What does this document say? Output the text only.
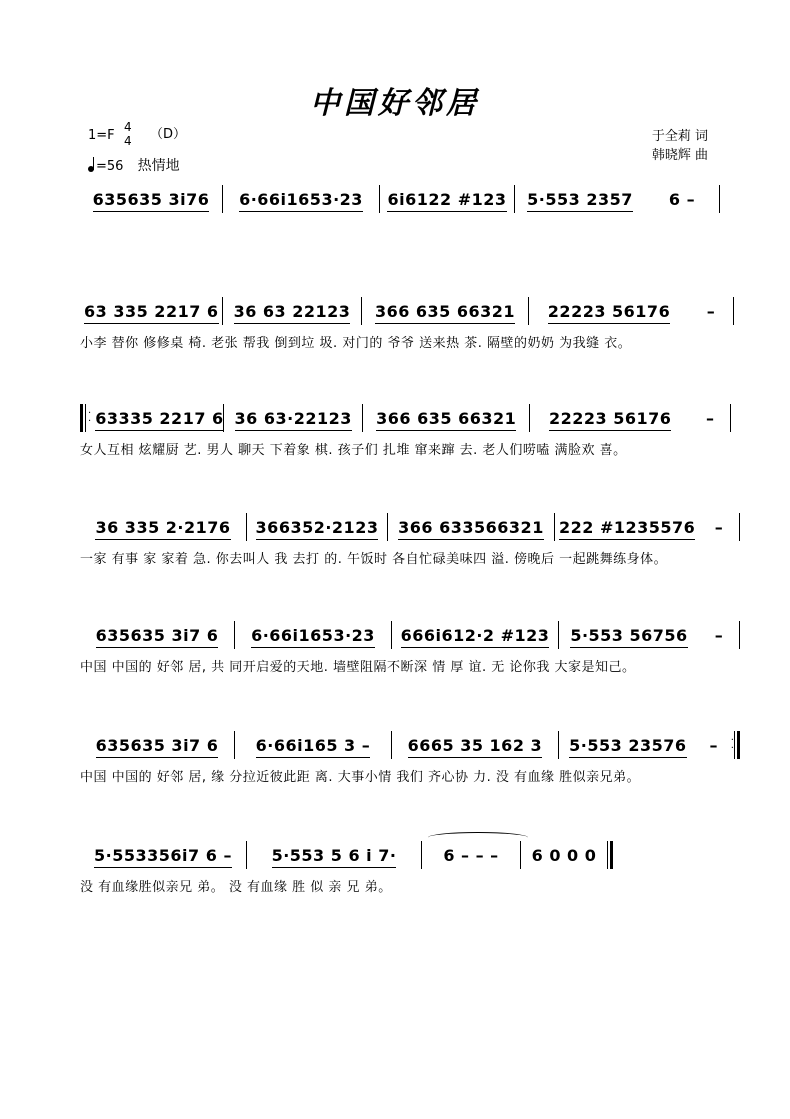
中国好邻居
1=F
4
4 （D）
=56 热情地
于全莉 词
韩晓辉 曲
635635 3i76 6·66i1653·23 6i6122 #123 5·553 2357 6 –
63 335 2217 6 36 63 22123 366 635 66321 22223 56176 –
小李 替你 修修桌 椅. 老张 帮我 倒到垃 圾. 对门的 爷爷 送来热 茶. 隔壁的奶奶 为我缝 衣。
·
· 63335 2217 6 36 63·22123 366 635 66321 22223 56176 –
女人互相 炫耀厨 艺. 男人 聊天 下着象 棋. 孩子们 扎堆 窜来蹿 去. 老人们唠嗑 满脸欢 喜。
36 335 2·2176 366352·2123 366 633566321 222 #1235576 –
一家 有事 家 家着 急. 你去叫人 我 去打 的. 午饭时 各自忙碌美味四 溢. 傍晚后 一起跳舞练身体。
635635 3i7 6 6·66i1653·23 666i612·2 #123 5·553 56756 –
中国 中国的 好邻 居, 共 同开启爱的天地. 墙壁阻隔不断深 情 厚 谊. 无 论你我 大家是知己。
635635 3i7 6 6·66i165 3 – 6665 35 162 3 5·553 23576 – ·
·
中国 中国的 好邻 居, 缘 分拉近彼此距 离. 大事小情 我们 齐心协 力. 没 有血缘 胜似亲兄弟。
5·553356i7 6 – 5·553 5 6 i 7·	6 – – – 6 0 0 0
没 有血缘胜似亲兄 弟。 没 有血缘 胜 似 亲 兄 弟。
